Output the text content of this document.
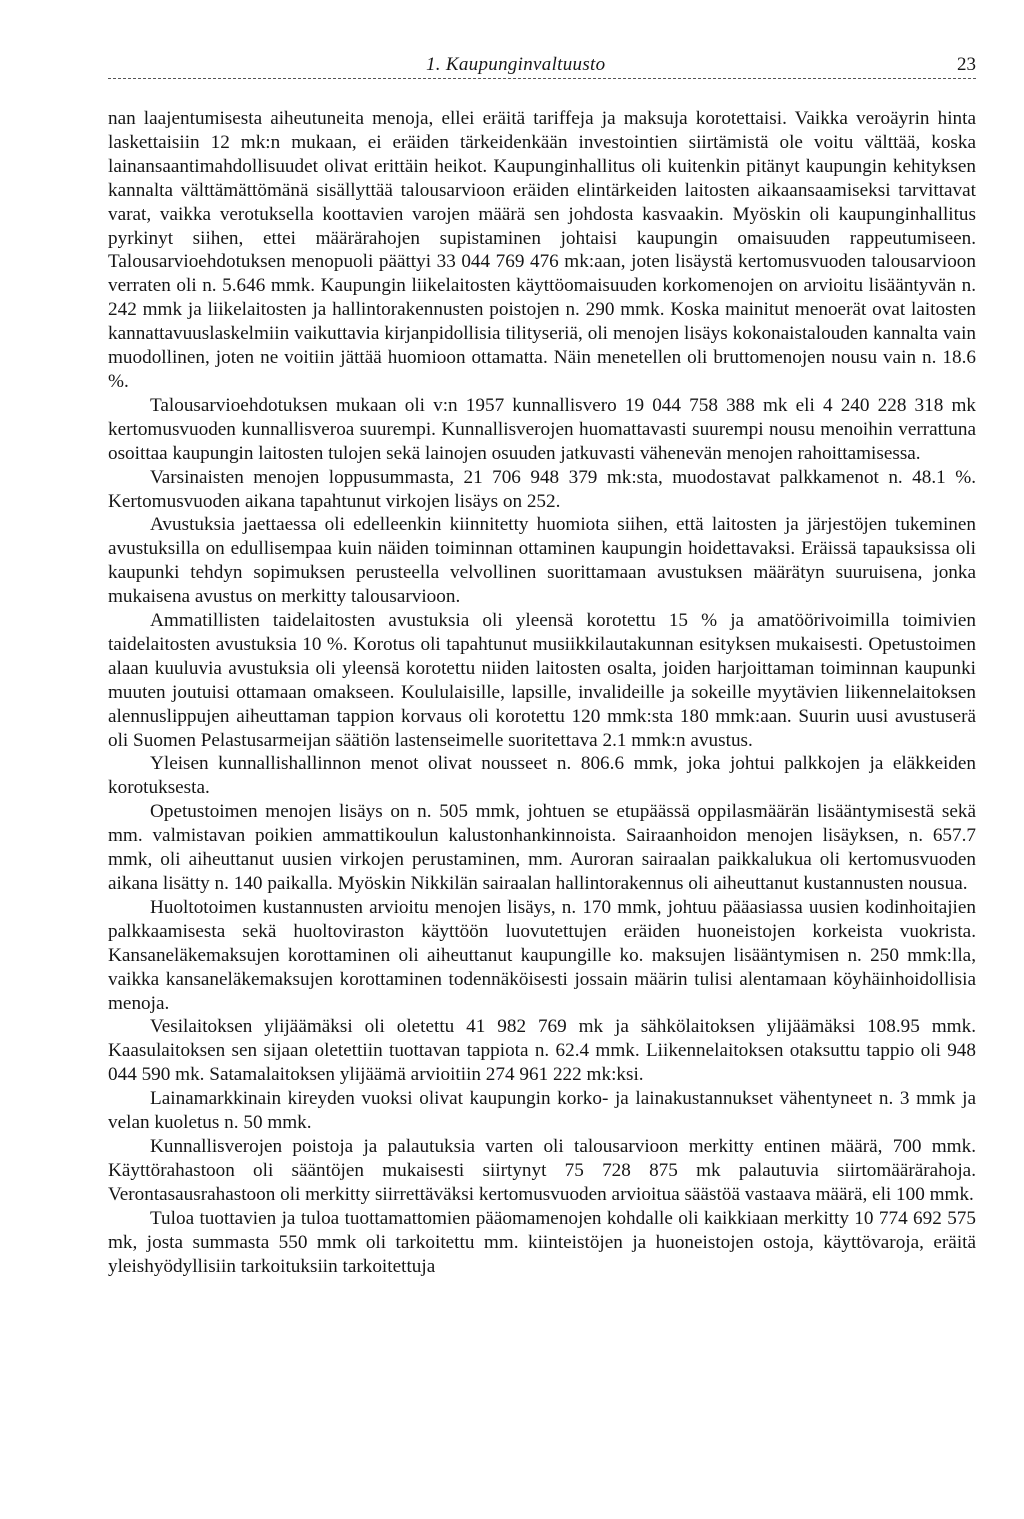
1. Kaupunginvaltuusto	23

nan laajentumisesta aiheutuneita menoja, ellei eräitä tariffeja ja maksuja korotettaisi. Vaikka veroäyrin hinta laskettaisiin 12 mk:n mukaan, ei eräiden tärkeidenkään investointien siirtämistä ole voitu välttää, koska lainansaantimahdollisuudet olivat erittäin heikot. Kaupunginhallitus oli kuitenkin pitänyt kaupungin kehityksen kannalta välttämättömänä sisällyttää talousarvioon eräiden elintärkeiden laitosten aikaansaamiseksi tarvittavat varat, vaikka verotuksella koottavien varojen määrä sen johdosta kasvaakin. Myöskin oli kaupunginhallitus pyrkinyt siihen, ettei määrärahojen supistaminen johtaisi kaupungin omaisuuden rappeutumiseen. Talousarvioehdotuksen menopuoli päättyi 33 044 769 476 mk:aan, joten lisäystä kertomusvuoden talousarvioon verraten oli n. 5.646 mmk. Kaupungin liikelaitosten käyttöomaisuuden korkomenojen on arvioitu lisääntyvän n. 242 mmk ja liikelaitosten ja hallintorakennusten poistojen n. 290 mmk. Koska mainitut menoerät ovat laitosten kannattavuuslaskelmiin vaikuttavia kirjanpidollisia tilityseriä, oli menojen lisäys kokonaistalouden kannalta vain muodollinen, joten ne voitiin jättää huomioon ottamatta. Näin menetellen oli bruttomenojen nousu vain n. 18.6 %.

Talousarvioehdotuksen mukaan oli v:n 1957 kunnallisvero 19 044 758 388 mk eli 4 240 228 318 mk kertomusvuoden kunnallisveroa suurempi. Kunnallisverojen huomattavasti suurempi nousu menoihin verrattuna osoittaa kaupungin laitosten tulojen sekä lainojen osuuden jatkuvasti vähenevän menojen rahoittamisessa.

Varsinaisten menojen loppusummasta, 21 706 948 379 mk:sta, muodostavat palkkamenot n. 48.1 %. Kertomusvuoden aikana tapahtunut virkojen lisäys on 252.

Avustuksia jaettaessa oli edelleenkin kiinnitetty huomiota siihen, että laitosten ja järjestöjen tukeminen avustuksilla on edullisempaa kuin näiden toiminnan ottaminen kaupungin hoidettavaksi. Eräissä tapauksissa oli kaupunki tehdyn sopimuksen perusteella velvollinen suorittamaan avustuksen määrätyn suuruisena, jonka mukaisena avustus on merkitty talousarvioon.

Ammatillisten taidelaitosten avustuksia oli yleensä korotettu 15 % ja amatöörivoimilla toimivien taidelaitosten avustuksia 10 %. Korotus oli tapahtunut musiikkilautakunnan esityksen mukaisesti. Opetustoimen alaan kuuluvia avustuksia oli yleensä korotettu niiden laitosten osalta, joiden harjoittaman toiminnan kaupunki muuten joutuisi ottamaan omakseen. Koululaisille, lapsille, invalideille ja sokeille myytävien liikennelaitoksen alennuslippujen aiheuttaman tappion korvaus oli korotettu 120 mmk:sta 180 mmk:aan. Suurin uusi avustuserä oli Suomen Pelastusarmeijan säätiön lastenseimelle suoritettava 2.1 mmk:n avustus.

Yleisen kunnallishallinnon menot olivat nousseet n. 806.6 mmk, joka johtui palkkojen ja eläkkeiden korotuksesta.

Opetustoimen menojen lisäys on n. 505 mmk, johtuen se etupäässä oppilasmäärän lisääntymisestä sekä mm. valmistavan poikien ammattikoulun kalustonhankinnoista. Sairaanhoidon menojen lisäyksen, n. 657.7 mmk, oli aiheuttanut uusien virkojen perustaminen, mm. Auroran sairaalan paikkalukua oli kertomusvuoden aikana lisätty n. 140 paikalla. Myöskin Nikkilän sairaalan hallintorakennus oli aiheuttanut kustannusten nousua.

Huoltotoimen kustannusten arvioitu menojen lisäys, n. 170 mmk, johtuu pääasiassa uusien kodinhoitajien palkkaamisesta sekä huoltoviraston käyttöön luovutettujen eräiden huoneistojen korkeista vuokrista. Kansaneläkemaksujen korottaminen oli aiheuttanut kaupungille ko. maksujen lisääntymisen n. 250 mmk:lla, vaikka kansaneläkemaksujen korottaminen todennäköisesti jossain määrin tulisi alentamaan köyhäinhoidollisia menoja.

Vesilaitoksen ylijäämäksi oli oletettu 41 982 769 mk ja sähkölaitoksen ylijäämäksi 108.95 mmk. Kaasulaitoksen sen sijaan oletettiin tuottavan tappiota n. 62.4 mmk. Liikennelaitoksen otaksuttu tappio oli 948 044 590 mk. Satamalaitoksen ylijäämä arvioitiin 274 961 222 mk:ksi.

Lainamarkkinain kireyden vuoksi olivat kaupungin korko- ja lainakustannukset vähentyneet n. 3 mmk ja velan kuoletus n. 50 mmk.

Kunnallisverojen poistoja ja palautuksia varten oli talousarvioon merkitty entinen määrä, 700 mmk. Käyttörahastoon oli sääntöjen mukaisesti siirtynyt 75 728 875 mk palautuvia siirtomäärärahoja. Verontasausrahastoon oli merkitty siirrettäväksi kertomusvuoden arvioitua säästöä vastaava määrä, eli 100 mmk.

Tuloa tuottavien ja tuloa tuottamattomien pääomamenojen kohdalle oli kaikkiaan merkitty 10 774 692 575 mk, josta summasta 550 mmk oli tarkoitettu mm. kiinteistöjen ja huoneistojen ostoja, käyttövaroja, eräitä yleishyödyllisiin tarkoituksiin tarkoitettuja
